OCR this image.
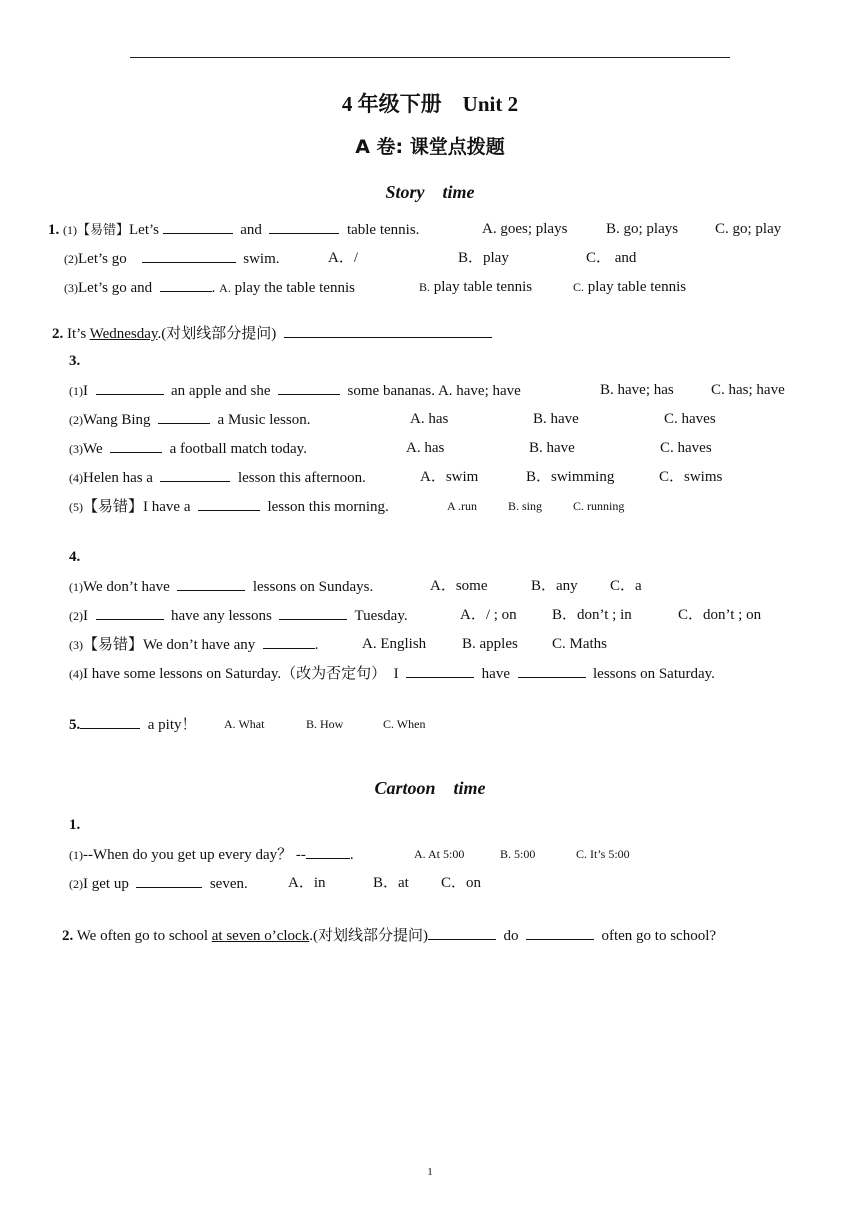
4 年级下册　Unit 2
A 卷: 课堂点拨题
Story　time
1. (1)【易错】Let’s	and	table tennis.	A. goes; plays	B. go; plays C. go; play
(2)Let’s go	swim.	A．/	B．play	C． and
(3)Let’s go and	. A. play the table tennis	B. play table tennis	C. play table tennis
2. It’s Wednesday.(对划线部分提问)
3.
(1)I	an apple and she	some bananas. A. have; have	B. have; has C. has; have
(2)Wang Bing	a Music lesson.	A. has	B. have	C. haves
(3)We	a football match today.	A. has	B. have	C. haves
(4)Helen has a	lesson this afternoon.	A．swim	B．swimming	C．swims
(5)【易错】I have a	lesson this morning.	A .run	B. sing	C. running
4.
(1)We don’t have	lessons on Sundays.	A．some	B．any C．a
(2)I	have any lessons	Tuesday.	A．/ ; on B．don’t ; in	C．don’t ; on
(3)【易错】We don’t have any	.	A. English B. apples C. Maths
(4)I have some lessons on Saturday.（改为否定句） I	have	lessons on Saturday.
5.	a pity！ A. What	B. How	C. When
Cartoon　time
1.
(1)--When do you get up every day？ --	.	A. At 5:00	B. 5:00	C. It’s 5:00
(2)I get up	seven.	A．in	B．at C．on
2. We often go to school at seven o’clock.(对划线部分提问)	do	often go to school?
1
